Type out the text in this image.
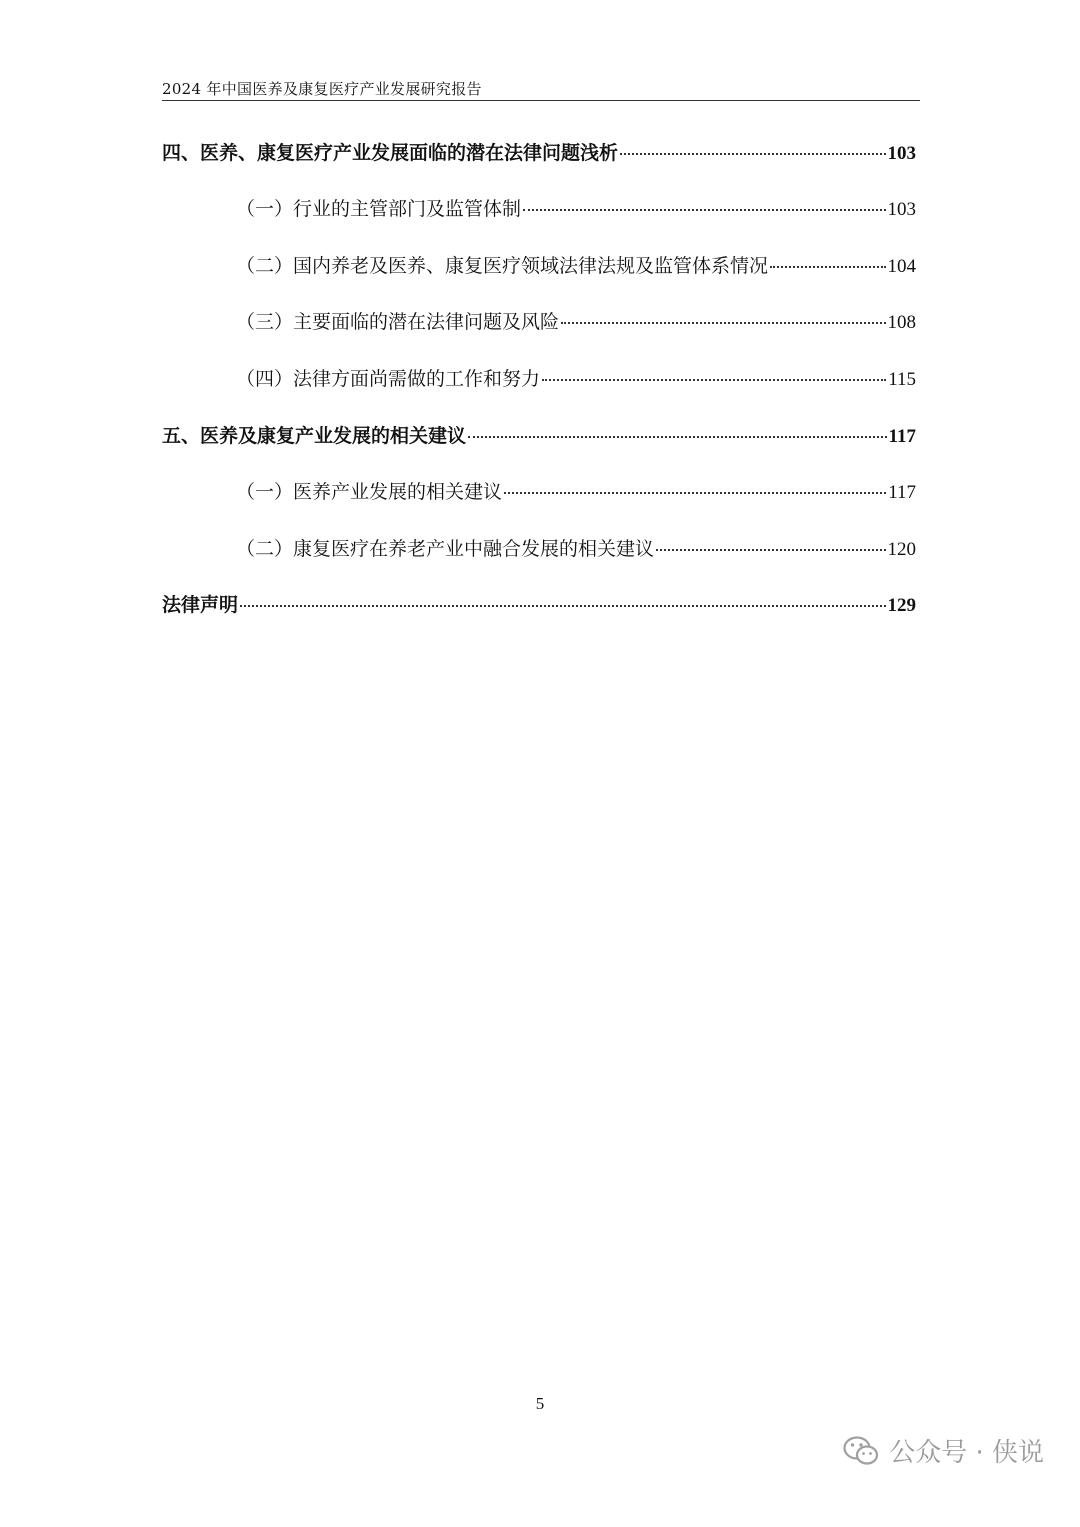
2024 年中国医养及康复医疗产业发展研究报告
四、医养、康复医疗产业发展面临的潜在法律问题浅析	103
（一）行业的主管部门及监管体制	103
（二）国内养老及医养、康复医疗领域法律法规及监管体系情况	104
（三）主要面临的潜在法律问题及风险	108
（四）法律方面尚需做的工作和努力	115
五、医养及康复产业发展的相关建议	117
（一）医养产业发展的相关建议	117
（二）康复医疗在养老产业中融合发展的相关建议	120
法律声明	129
5
公众号 · 侠说
